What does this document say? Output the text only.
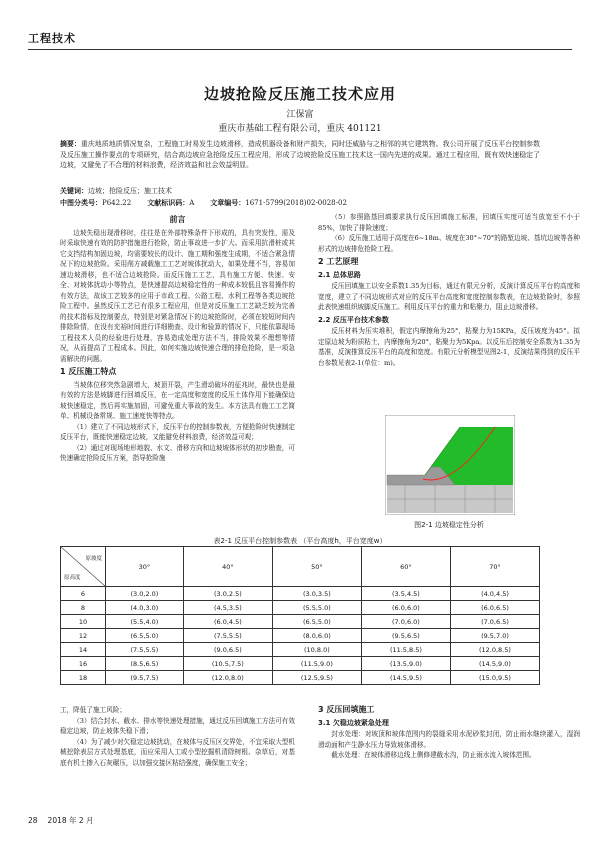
工程技术
边坡抢险反压施工技术应用
江保富
重庆市基础工程有限公司，重庆 401121
摘要：重庆地质地质情况复杂，工程施工时易发生边坡滑移，造成机器设备和财产损失，同时还威胁与之相邻的其它建筑物。我公司开展了反压平台控制参数及反压施工操作要点的专项研究，结合高边坡应急抢险反压工程应用，形成了边坡抢险反压施工技术这一国内先进的成果。通过工程应用，既有效快速稳定了边坡，又避免了不合理的材料浪费，经济效益和社会效益明显。
关键词：边坡；抢险反压；施工技术
中图分类号：P642.22 文献标识码：A 文章编号：1671-5799(2018)02-0028-02
前言

边坡失稳出现滑移时，往往是在外部特殊条件下形成的，具有突发性，需及时采取快速有效的防护措施进行抢险，防止事故进一步扩大。而采用抗滑桩或其它支挡结构加固边坡，均需要较长的设计、施工期和强度生成期，不适合紧急情况下的边坡抢险。采用削方减载施工工艺对坡体扰动大，如果处理不当，容易加速边坡滑移，也不适合边坡抢险。而反压施工工艺，具有施工方便、快速、安全、对坡体扰动小等特点，是快速提高边坡稳定性的一种成本较低且容易操作的有效方法，故该工艺较多的应用于市政工程、公路工程、水利工程等各类边坡抢险工程中。虽然反压工艺已有很多工程应用，但是对反压施工工艺缺乏较为完善的技术指标及控制要点，特别是对紧急情况下的边坡抢险时，必须在较短时间内排除险情，在没有充裕时间进行详细勘查、设计和验算的情况下，只能依靠现场工程技术人员的经验进行处理，容易造成处理方法不当，排险效果不理想等情况，从而提高了工程成本。因此，如何实施边坡快速合理的排危抢险，是一项急需解决的问题。

1 反压施工特点

当坡体位移突然急剧增大，坡顶开裂，产生滑动破坏的征兆时，最快也是最有效的方法是坡脚进行回填反压，在一定高度和宽度的反压土体作用下能确保边坡快速稳定，然后再实施加固，可避免重大事故的发生。本方法具有施工工艺简单、机械设备常规、施工速度快等特点。

（1）建立了不同边坡形式下，反压平台的控制参数表，方便抢险时快速制定反压平台，既能快速稳定边坡，又能避免材料浪费，经济效益可观；

（2）通过对现场地形地貌、水文、滑移方向和边坡坡体形状的初步勘查，可快速确定抢险反压方案，指导抢险施

（5）参照路基回填要求执行反压回填施工标准，回填压实度可适当放宽至不小于85%，加快了排险速度；

（6）反压施工适用于高度在6~18m、坡度在30°~70°的路堑边坡、基坑边坡等各种形式的边坡排危抢险工程。

2 工艺原理
2.1 总体思路

反压回填施工以安全系数1.35为目标，通过有限元分析，反演计算反压平台的高度和宽度，建立了不同边坡形式对应的反压平台高度和宽度控制参数表，在边坡抢险时，参照此表快速组织坡脚反压施工。利用反压平台的重力和粘聚力，阻止边坡滑移。

2.2 反压平台技术参数

反压材料为压实堆积，假定内摩擦角为25°，粘聚力为15KPa，反压坡度为45°。拟定原边坡为粉质粘土，内摩擦角为20°，粘聚力为5Kpa。以反压后控制安全系数为1.35为基准，反演推算反压平台的高度和宽度。有限元分析模型见图2-1，反演结果得到的反压平台参数见表2-1(单位：m)。

图2-1 边坡稳定性分析
表2-1 反压平台控制参数表 （平台高度h，平台宽度w）
原坡度
原高度	30°	40°	50°	60°	70°
6	(3.0,2.0)	(3.0,2.5)	(3.0,3.5)	(3.5,4.5)	(4.0,4.5)
8	(4.0,3.0)	(4.5,3.5)	(5.5,5.0)	(6.0,6.0)	(6.0,6.5)
10	(5.5,4.0)	(6.0,4.5)	(6.5,5.0)	(7.0,6.0)	(7.0,6.5)
12	(6.5,5.0)	(7.5,5.5)	(8.0,6.0)	(9.5,6.5)	(9.5,7.0)
14	(7.5,5.5)	(9.0,6.5)	(10,8.0)	(11.5,8.5)	(12.0,8.5)
16	(8.5,6.5)	(10.5,7.5)	(11.5,9.0)	(13.5,9.0)	(14.5,9.0)
18	(9.5,7.5)	(12.0,8.0)	(12.5,9.5)	(14.5,9.5)	(15.0,9.5)

工，降低了施工风险；

（3）结合封水、截水、排水等快速处理措施，通过反压回填施工方法可有效稳定边坡，防止坡体失稳下滑；

（4）为了减少对欠稳定边坡扰动，在坡体与反压区交界处，不宜采取大型机械挖除表层方式处理基底，而应采用人工或小型挖掘机清除树根、杂草后，对基底有机土掺入石灰碾压，以加强交接区粘结强度，确保施工安全；

3 反压回填施工
3.1 欠稳边坡紧急处理

封水处理：对坡顶和坡体范围内的裂缝采用水泥砂浆封闭，防止雨水继续灌入，湿润滑动面和产生静水压力导致坡体滑移。

截水处理：在坡体滑移边线上侧修建截水沟，防止雨水流入坡体范围。

28 2018 年 2 月
